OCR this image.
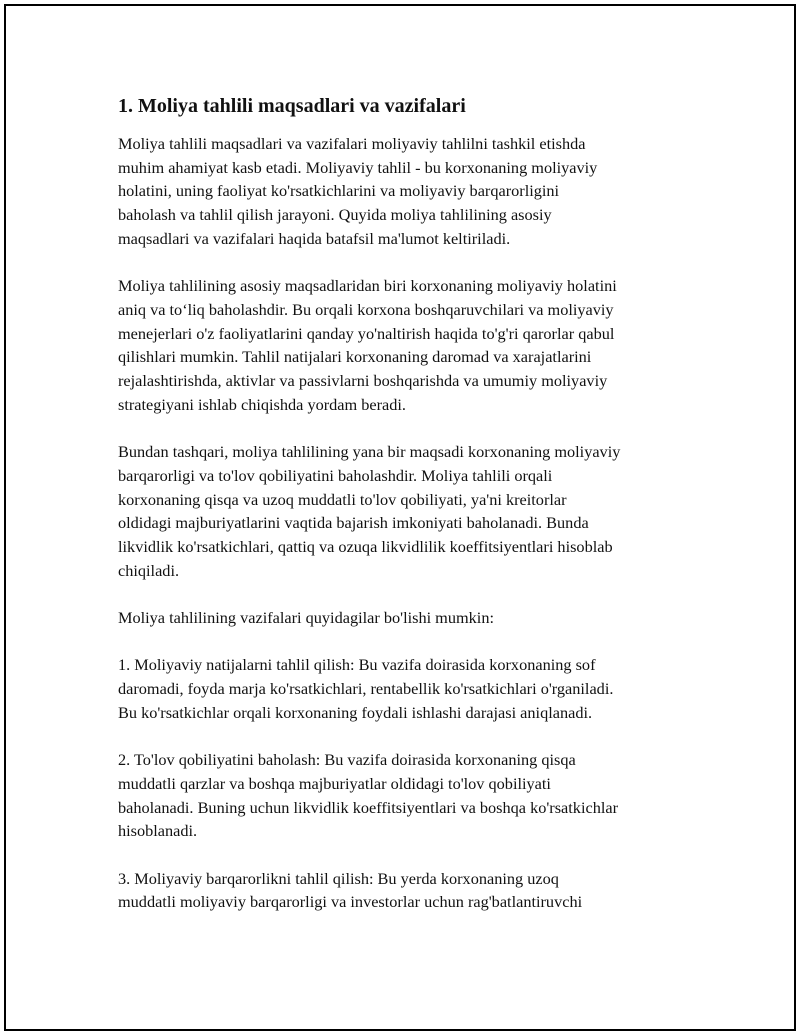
1. Moliya tahlili maqsadlari va vazifalari

Moliya tahlili maqsadlari va vazifalari moliyaviy tahlilni tashkil etishda
muhim ahamiyat kasb etadi. Moliyaviy tahlil - bu korxonaning moliyaviy
holatini, uning faoliyat ko'rsatkichlarini va moliyaviy barqarorligini
baholash va tahlil qilish jarayoni. Quyida moliya tahlilining asosiy
maqsadlari va vazifalari haqida batafsil ma'lumot keltiriladi.

Moliya tahlilining asosiy maqsadlaridan biri korxonaning moliyaviy holatini
aniq va to‘liq baholashdir. Bu orqali korxona boshqaruvchilari va moliyaviy
menejerlari o'z faoliyatlarini qanday yo'naltirish haqida to'g'ri qarorlar qabul
qilishlari mumkin. Tahlil natijalari korxonaning daromad va xarajatlarini
rejalashtirishda, aktivlar va passivlarni boshqarishda va umumiy moliyaviy
strategiyani ishlab chiqishda yordam beradi.

Bundan tashqari, moliya tahlilining yana bir maqsadi korxonaning moliyaviy
barqarorligi va to'lov qobiliyatini baholashdir. Moliya tahlili orqali
korxonaning qisqa va uzoq muddatli to'lov qobiliyati, ya'ni kreitorlar
oldidagi majburiyatlarini vaqtida bajarish imkoniyati baholanadi. Bunda
likvidlik ko'rsatkichlari, qattiq va ozuqa likvidlilik koeffitsiyentlari hisoblab
chiqiladi.

Moliya tahlilining vazifalari quyidagilar bo'lishi mumkin:

1. Moliyaviy natijalarni tahlil qilish: Bu vazifa doirasida korxonaning sof
daromadi, foyda marja ko'rsatkichlari, rentabellik ko'rsatkichlari o'rganiladi.
Bu ko'rsatkichlar orqali korxonaning foydali ishlashi darajasi aniqlanadi.

2. To'lov qobiliyatini baholash: Bu vazifa doirasida korxonaning qisqa
muddatli qarzlar va boshqa majburiyatlar oldidagi to'lov qobiliyati
baholanadi. Buning uchun likvidlik koeffitsiyentlari va boshqa ko'rsatkichlar
hisoblanadi.

3. Moliyaviy barqarorlikni tahlil qilish: Bu yerda korxonaning uzoq
muddatli moliyaviy barqarorligi va investorlar uchun rag'batlantiruvchi
